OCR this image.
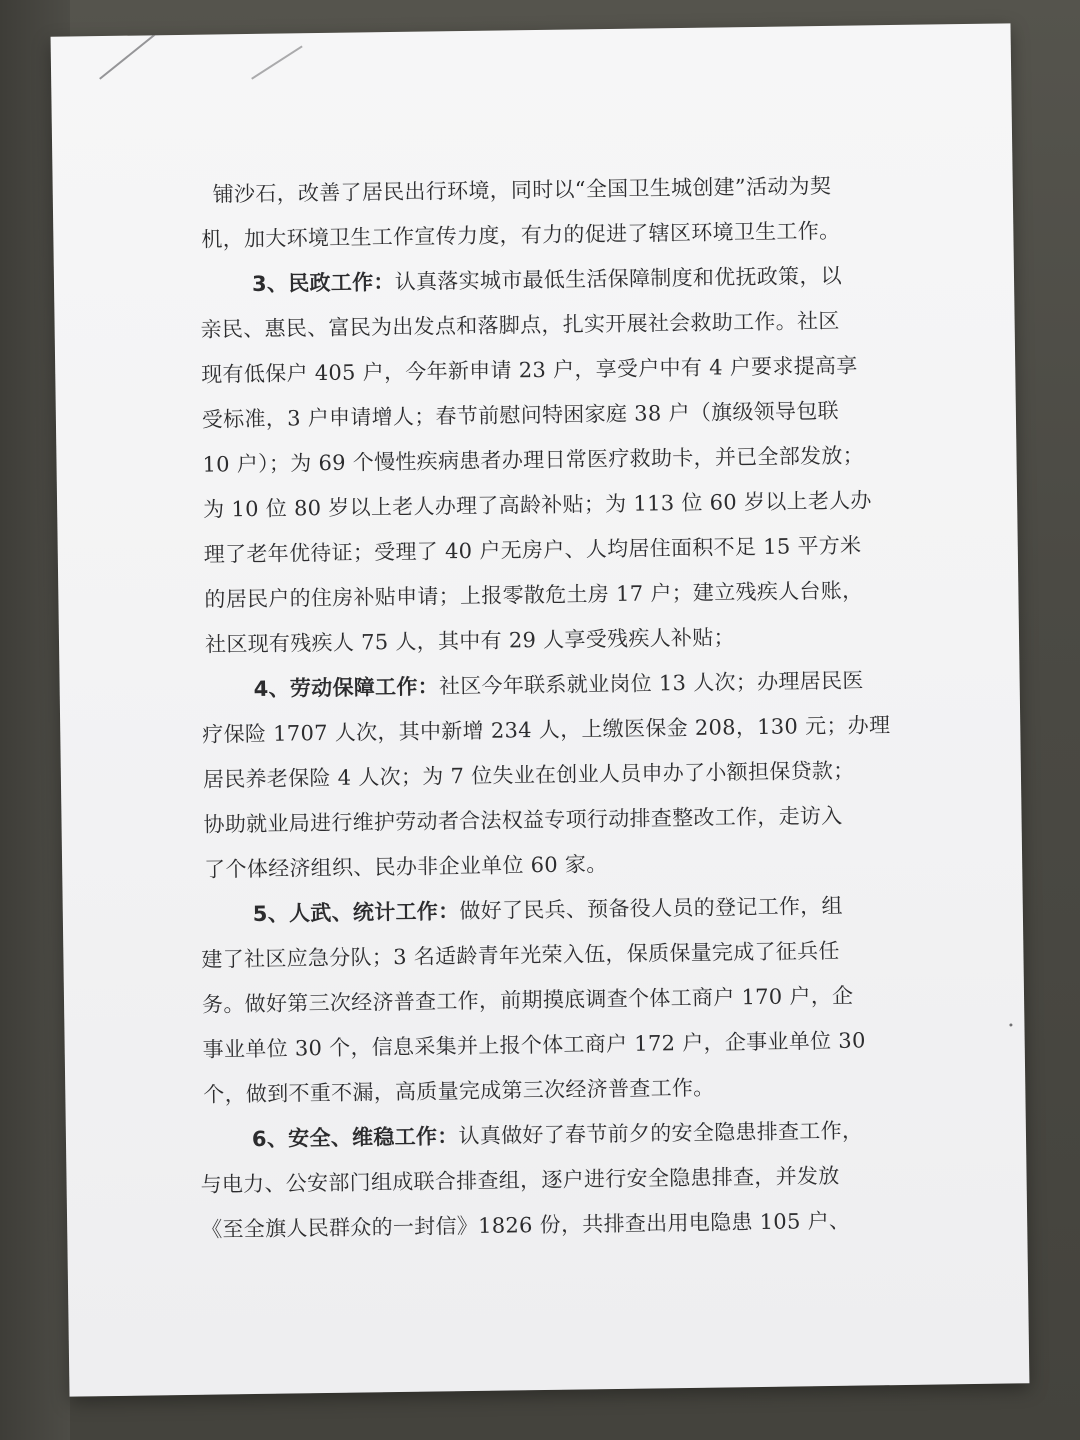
铺沙石，改善了居民出行环境，同时以“全国卫生城创建”活动为契
机，加大环境卫生工作宣传力度，有力的促进了辖区环境卫生工作。

3、民政工作：认真落实城市最低生活保障制度和优抚政策，以
亲民、惠民、富民为出发点和落脚点，扎实开展社会救助工作。社区
现有低保户 405 户，今年新申请 23 户，享受户中有 4 户要求提高享
受标准，3 户申请增人；春节前慰问特困家庭 38 户（旗级领导包联
10 户）；为 69 个慢性疾病患者办理日常医疗救助卡，并已全部发放；
为 10 位 80 岁以上老人办理了高龄补贴；为 113 位 60 岁以上老人办
理了老年优待证；受理了 40 户无房户、人均居住面积不足 15 平方米
的居民户的住房补贴申请；上报零散危土房 17 户；建立残疾人台账，
社区现有残疾人 75 人，其中有 29 人享受残疾人补贴；

4、劳动保障工作：社区今年联系就业岗位 13 人次；办理居民医
疗保险 1707 人次，其中新增 234 人，上缴医保金 208，130 元；办理
居民养老保险 4 人次；为 7 位失业在创业人员申办了小额担保贷款；
协助就业局进行维护劳动者合法权益专项行动排查整改工作，走访入
了个体经济组织、民办非企业单位 60 家。

5、人武、统计工作：做好了民兵、预备役人员的登记工作，组
建了社区应急分队；3 名适龄青年光荣入伍，保质保量完成了征兵任
务。做好第三次经济普查工作，前期摸底调查个体工商户 170 户，企
事业单位 30 个，信息采集并上报个体工商户 172 户，企事业单位 30
个，做到不重不漏，高质量完成第三次经济普查工作。

6、安全、维稳工作：认真做好了春节前夕的安全隐患排查工作，
与电力、公安部门组成联合排查组，逐户进行安全隐患排查，并发放
《至全旗人民群众的一封信》1826 份，共排查出用电隐患 105 户、
